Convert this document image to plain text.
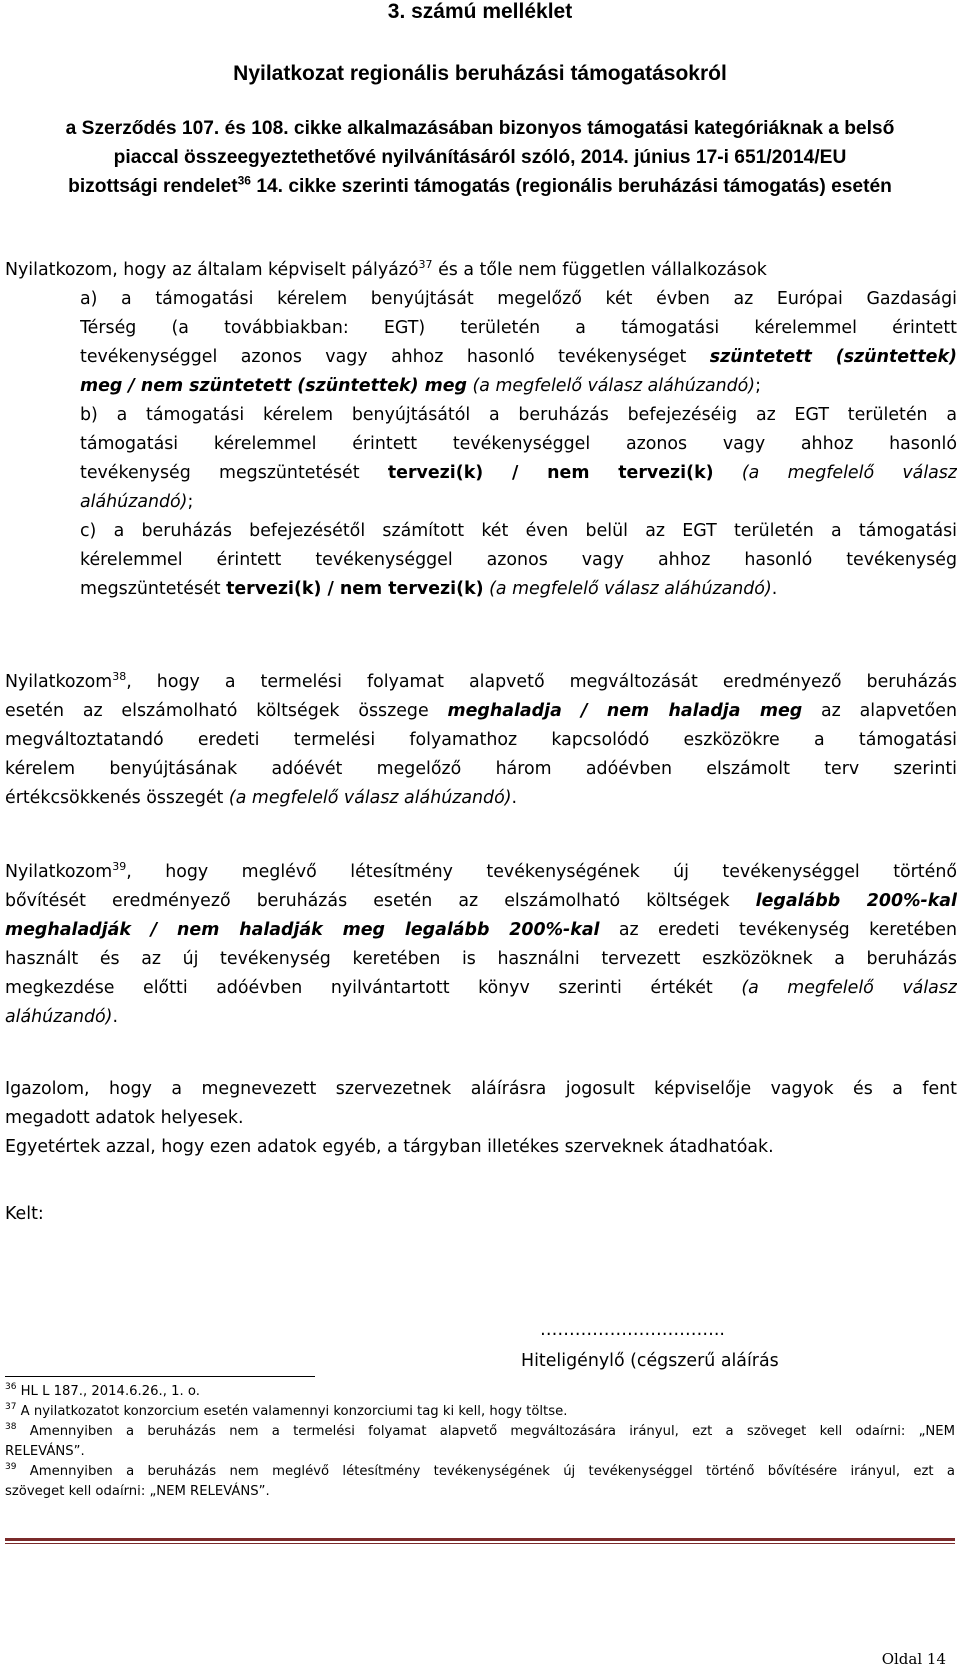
3. számú melléklet
Nyilatkozat regionális beruházási támogatásokról
a Szerződés 107. és 108. cikke alkalmazásában bizonyos támogatási kategóriáknak a belső
piaccal összeegyeztethetővé nyilvánításáról szóló, 2014. június 17-i 651/2014/EU
bizottsági rendelet$^{36}$ 14. cikke szerinti támogatás (regionális beruházási támogatás) esetén
Nyilatkozom, hogy az általam képviselt pályázó$^{37}$ és a tőle nem független vállalkozások
a) a támogatási kérelem benyújtását megelőző két évben az Európai Gazdasági
Térség (a továbbiakban: EGT) területén a támogatási kérelemmel érintett
tevékenységgel azonos vagy ahhoz hasonló tevékenységet szüntetett (szüntettek)
meg / nem szüntetett (szüntettek) meg (a megfelelő válasz aláhúzandó);
b) a támogatási kérelem benyújtásától a beruházás befejezéséig az EGT területén a
támogatási kérelemmel érintett tevékenységgel azonos vagy ahhoz hasonló
tevékenység megszüntetését tervezi(k) / nem tervezi(k) (a megfelelő válasz
aláhúzandó);
c) a beruházás befejezésétől számított két éven belül az EGT területén a támogatási
kérelemmel érintett tevékenységgel azonos vagy ahhoz hasonló tevékenység
megszüntetését tervezi(k) / nem tervezi(k) (a megfelelő válasz aláhúzandó).
Nyilatkozom$^{38}$, hogy a termelési folyamat alapvető megváltozását eredményező beruházás
esetén az elszámolható költségek összege meghaladja / nem haladja meg az alapvetően
megváltoztatandó eredeti termelési folyamathoz kapcsolódó eszközökre a támogatási
kérelem benyújtásának adóévét megelőző három adóévben elszámolt terv szerinti
értékcsökkenés összegét (a megfelelő válasz aláhúzandó).
Nyilatkozom$^{39}$, hogy meglévő létesítmény tevékenységének új tevékenységgel történő
bővítését eredményező beruházás esetén az elszámolható költségek legalább 200%-kal
meghaladják / nem haladják meg legalább 200%-kal az eredeti tevékenység keretében
használt és az új tevékenység keretében is használni tervezett eszközöknek a beruházás
megkezdése előtti adóévben nyilvántartott könyv szerinti értékét (a megfelelő válasz
aláhúzandó).
Igazolom, hogy a megnevezett szervezetnek aláírásra jogosult képviselője vagyok és a fent
megadott adatok helyesek.
Egyetértek azzal, hogy ezen adatok egyéb, a tárgyban illetékes szerveknek átadhatóak.
Kelt:
…………………………..
Hiteligénylő (cégszerű aláírás
$^{36}$ HL L 187., 2014.6.26., 1. o.
$^{37}$ A nyilatkozatot konzorcium esetén valamennyi konzorciumi tag ki kell, hogy töltse.
$^{38}$ Amennyiben a beruházás nem a termelési folyamat alapvető megváltozására irányul, ezt a szöveget kell odaírni: „NEM
RELEVÁNS”.
$^{39}$ Amennyiben a beruházás nem meglévő létesítmény tevékenységének új tevékenységgel történő bővítésére irányul, ezt a
szöveget kell odaírni: „NEM RELEVÁNS”.
Oldal 14
